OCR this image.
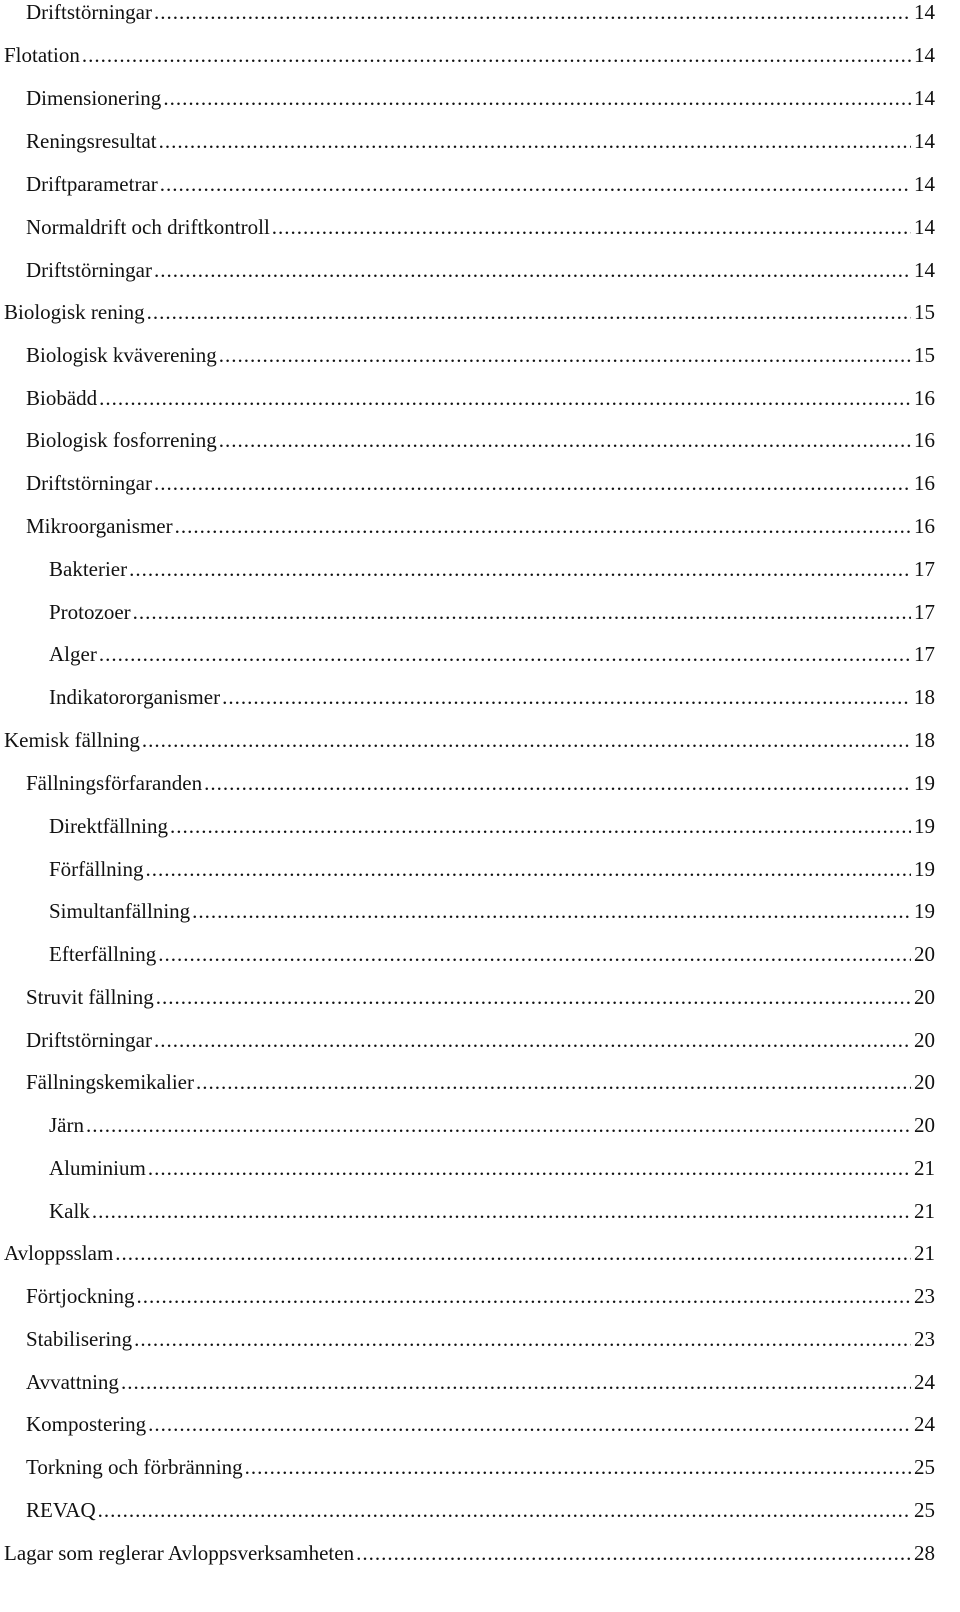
Driftstörningar .....	14
Flotation .....	14
Dimensionering .....	14
Reningsresultat .....	14
Driftparametrar .....	14
Normaldrift och driftkontroll .....	14
Driftstörningar .....	14
Biologisk rening .....	15
Biologisk kväverening .....	15
Biobädd .....	16
Biologisk fosforrening .....	16
Driftstörningar .....	16
Mikroorganismer .....	16
Bakterier .....	17
Protozoer .....	17
Alger .....	17
Indikatororganismer .....	18
Kemisk fällning .....	18
Fällningsförfaranden .....	19
Direktfällning .....	19
Förfällning .....	19
Simultanfällning .....	19
Efterfällning .....	20
Struvit fällning .....	20
Driftstörningar .....	20
Fällningskemikalier .....	20
Järn .....	20
Aluminium .....	21
Kalk .....	21
Avloppsslam .....	21
Förtjockning .....	23
Stabilisering .....	23
Avvattning .....	24
Kompostering .....	24
Torkning och förbränning .....	25
REVAQ .....	25
Lagar som reglerar Avloppsverksamheten .....	28
